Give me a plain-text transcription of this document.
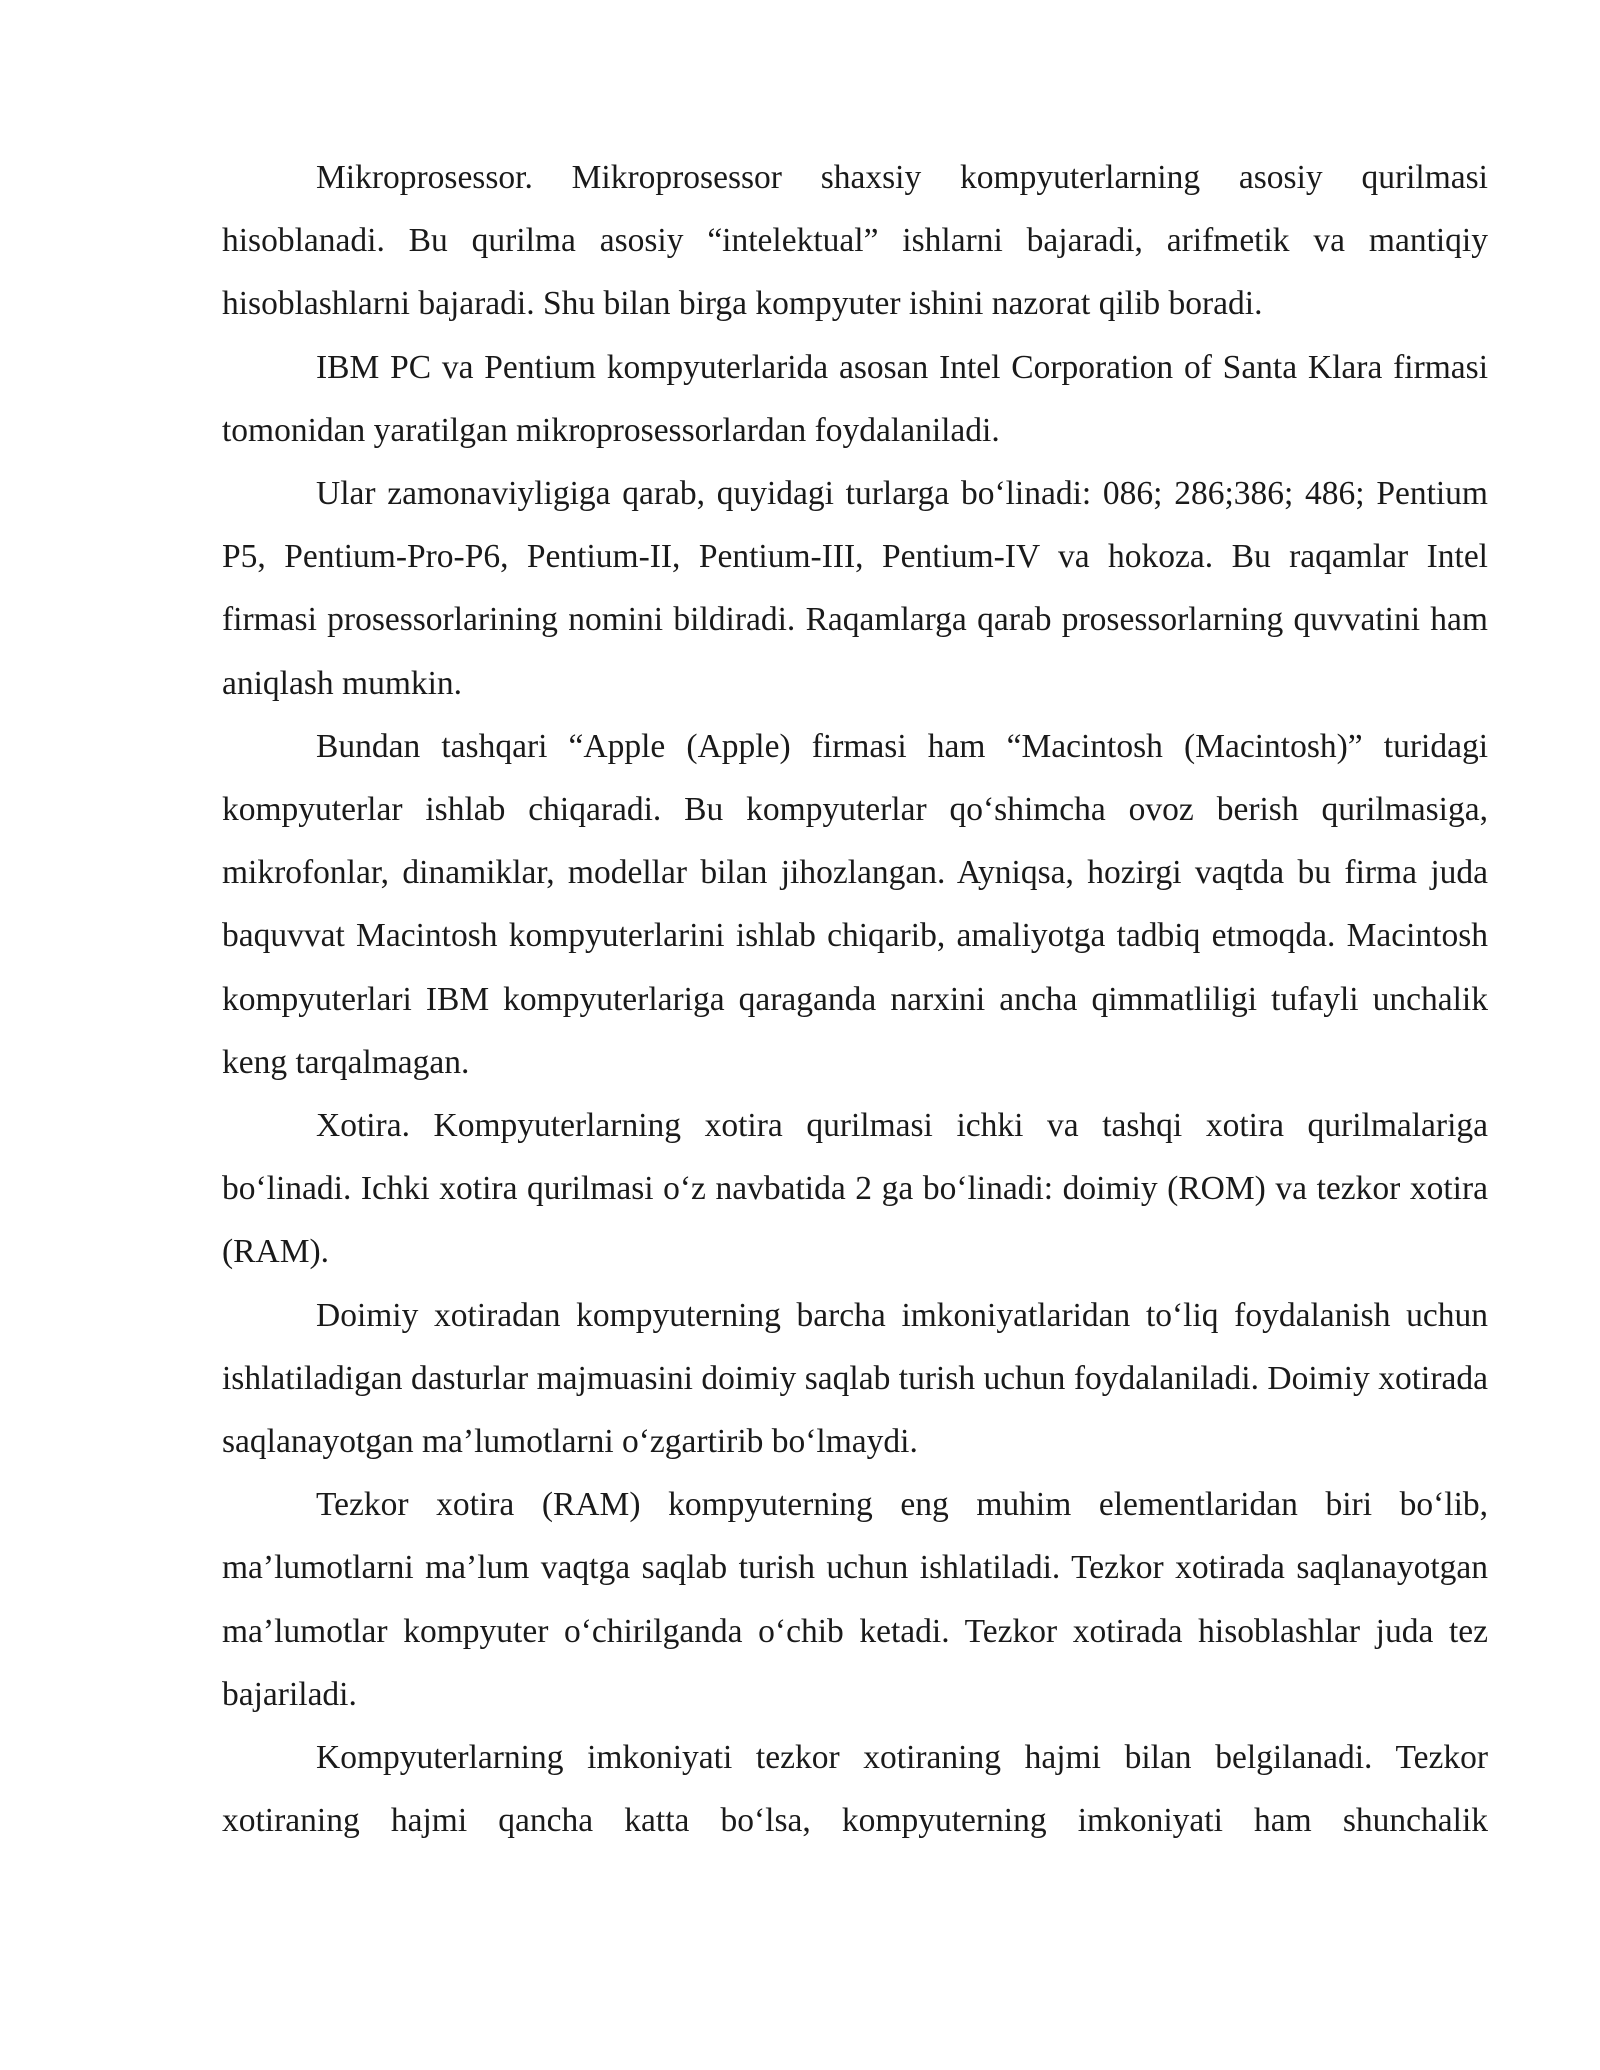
Mikroprosessor. Mikroprosessor shaxsiy kompyuterlarning asosiy qurilmasi hisoblanadi. Bu qurilma asosiy “intelektual” ishlarni bajaradi, arifmetik va mantiqiy hisoblashlarni bajaradi. Shu bilan birga kompyuter ishini nazorat qilib boradi.

IBM PC va Pentium kompyuterlarida asosan Intel Corporation of Santa Klara firmasi tomonidan yaratilgan mikroprosessorlardan foydalaniladi.

Ular zamonaviyligiga qarab, quyidagi turlarga boʻlinadi: 086; 286;386; 486; Pentium P5, Pentium-Pro-P6, Pentium-II, Pentium-III, Pentium-IV va hokoza. Bu raqamlar Intel firmasi prosessorlarining nomini bildiradi. Raqamlarga qarab prosessorlarning quvvatini ham aniqlash mumkin.

Bundan tashqari “Apple (Apple) firmasi ham “Macintosh (Macintosh)” turidagi kompyuterlar ishlab chiqaradi. Bu kompyuterlar qoʻshimcha ovoz berish qurilmasiga, mikrofonlar, dinamiklar, modellar bilan jihozlangan. Ayniqsa, hozirgi vaqtda bu firma juda baquvvat Macintosh kompyuterlarini ishlab chiqarib, amaliyotga tadbiq etmoqda. Macintosh kompyuterlari IBM kompyuterlariga qaraganda narxini ancha qimmatliligi tufayli unchalik keng tarqalmagan.

Xotira. Kompyuterlarning xotira qurilmasi ichki va tashqi xotira qurilmalariga boʻlinadi. Ichki xotira qurilmasi oʻz navbatida 2 ga boʻlinadi: doimiy (ROM) va tezkor xotira (RAM).

Doimiy xotiradan kompyuterning barcha imkoniyatlaridan toʻliq foydalanish uchun ishlatiladigan dasturlar majmuasini doimiy saqlab turish uchun foydalaniladi. Doimiy xotirada saqlanayotgan ma’lumotlarni oʻzgartirib boʻlmaydi.

Tezkor xotira (RAM) kompyuterning eng muhim elementlaridan biri boʻlib, ma’lumotlarni ma’lum vaqtga saqlab turish uchun ishlatiladi. Tezkor xotirada saqlanayotgan ma’lumotlar kompyuter oʻchirilganda oʻchib ketadi. Tezkor xotirada hisoblashlar juda tez bajariladi.

Kompyuterlarning imkoniyati tezkor xotiraning hajmi bilan belgilanadi. Tezkor xotiraning hajmi qancha katta boʻlsa, kompyuterning imkoniyati ham shunchalik
